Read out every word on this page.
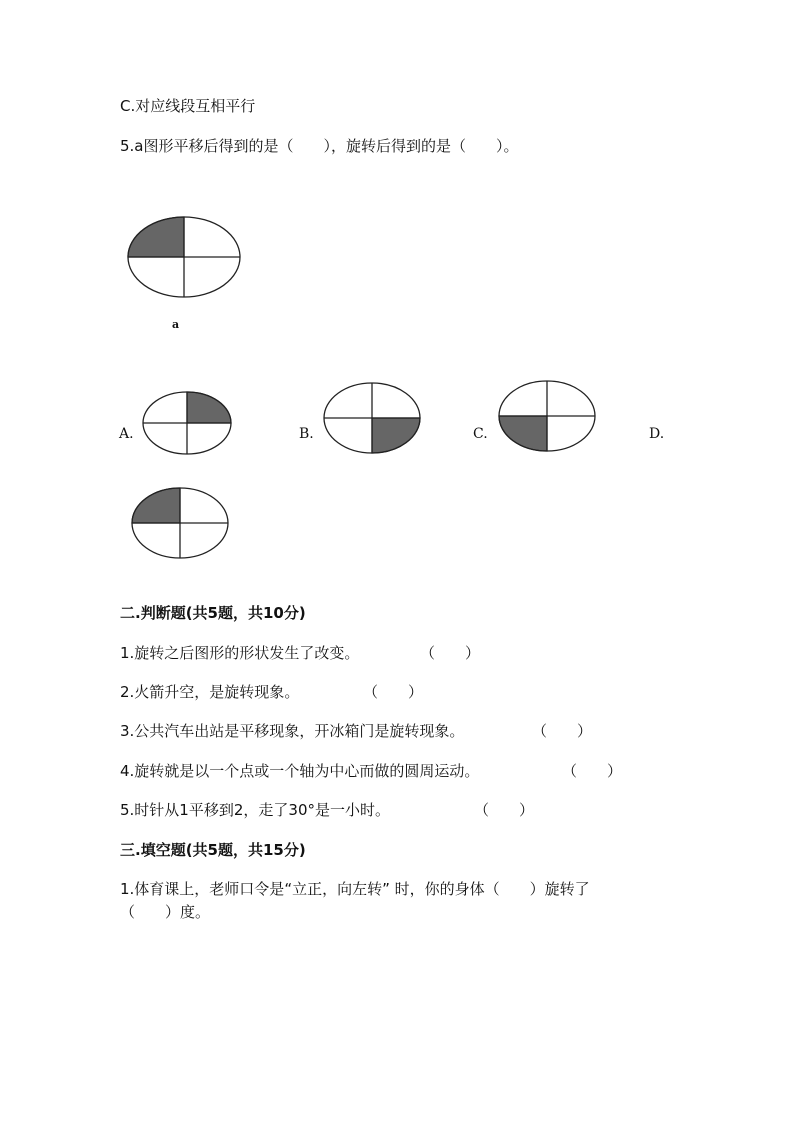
C.对应线段互相平行
5.a图形平移后得到的是（　　），旋转后得到的是（　　）。
a
A.	B.	C.	D.
二.判断题(共5题，共10分)
1.旋转之后图形的形状发生了改变。	（　　）
2.火箭升空，是旋转现象。	（　　）
3.公共汽车出站是平移现象，开冰箱门是旋转现象。	（　　）
4.旋转就是以一个点或一个轴为中心而做的圆周运动。	（　　）
5.时针从1平移到2，走了30°是一小时。	（　　）
三.填空题(共5题，共15分)
1.体育课上，老师口令是“立正，向左转” 时，你的身体（　　）旋转了
（　　）度。
